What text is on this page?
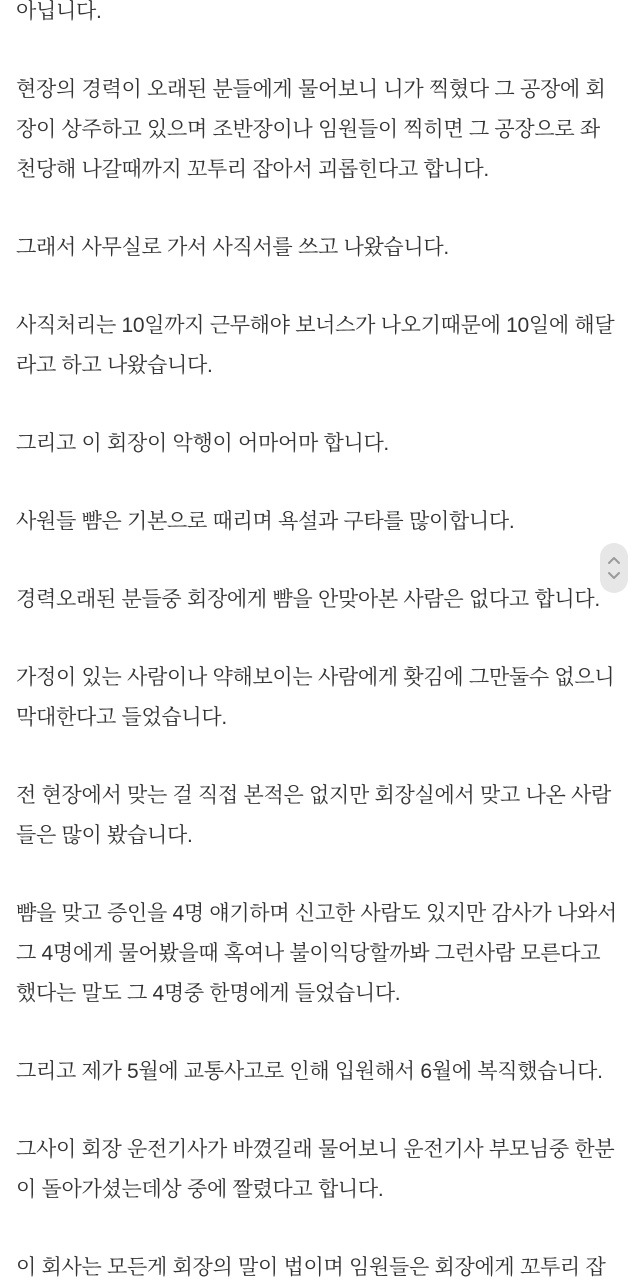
아닙니다.
현장의 경력이 오래된 분들에게 물어보니 니가 찍혔다 그 공장에 회
장이 상주하고 있으며 조반장이나 임원들이 찍히면 그 공장으로 좌
천당해 나갈때까지 꼬투리 잡아서 괴롭힌다고 합니다.
그래서 사무실로 가서 사직서를 쓰고 나왔습니다.
사직처리는 10일까지 근무해야 보너스가 나오기때문에 10일에 해달
라고 하고 나왔습니다.
그리고 이 회장이 악행이 어마어마 합니다.
사원들 뺨은 기본으로 때리며 욕설과 구타를 많이합니다.
경력오래된 분들중 회장에게 뺨을 안맞아본 사람은 없다고 합니다.
가정이 있는 사람이나 약해보이는 사람에게 홧김에 그만둘수 없으니
막대한다고 들었습니다.
전 현장에서 맞는 걸 직접 본적은 없지만 회장실에서 맞고 나온 사람
들은 많이 봤습니다.
뺨을 맞고 증인을 4명 얘기하며 신고한 사람도 있지만 감사가 나와서
그 4명에게 물어봤을때 혹여나 불이익당할까봐 그런사람 모른다고
했다는 말도 그 4명중 한명에게 들었습니다.
그리고 제가 5월에 교통사고로 인해 입원해서 6월에 복직했습니다.
그사이 회장 운전기사가 바꼈길래 물어보니 운전기사 부모님중 한분
이 돌아가셨는데상 중에 짤렸다고 합니다.
이 회사는 모든게 회장의 말이 법이며 임원들은 회장에게 꼬투리 잡
